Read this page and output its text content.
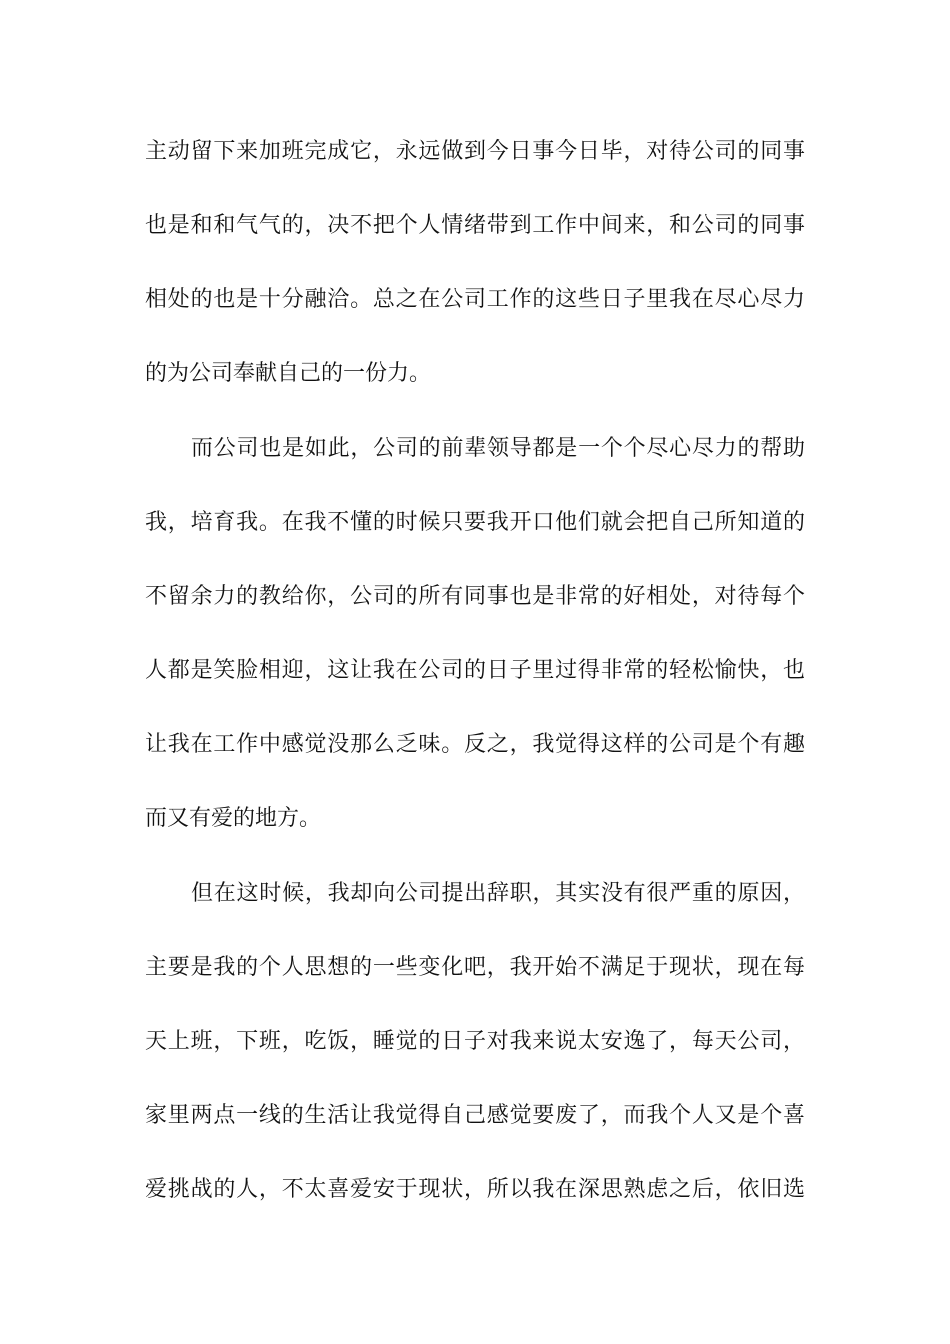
主动留下来加班完成它，永远做到今日事今日毕，对待公司的同事
也是和和气气的，决不把个人情绪带到工作中间来，和公司的同事
相处的也是十分融洽。总之在公司工作的这些日子里我在尽心尽力
的为公司奉献自己的一份力。
而公司也是如此，公司的前辈领导都是一个个尽心尽力的帮助
我，培育我。在我不懂的时候只要我开口他们就会把自己所知道的
不留余力的教给你，公司的所有同事也是非常的好相处，对待每个
人都是笑脸相迎，这让我在公司的日子里过得非常的轻松愉快，也
让我在工作中感觉没那么乏味。反之，我觉得这样的公司是个有趣
而又有爱的地方。
但在这时候，我却向公司提出辞职，其实没有很严重的原因，
主要是我的个人思想的一些变化吧，我开始不满足于现状，现在每
天上班，下班，吃饭，睡觉的日子对我来说太安逸了，每天公司，
家里两点一线的生活让我觉得自己感觉要废了，而我个人又是个喜
爱挑战的人，不太喜爱安于现状，所以我在深思熟虑之后，依旧选
